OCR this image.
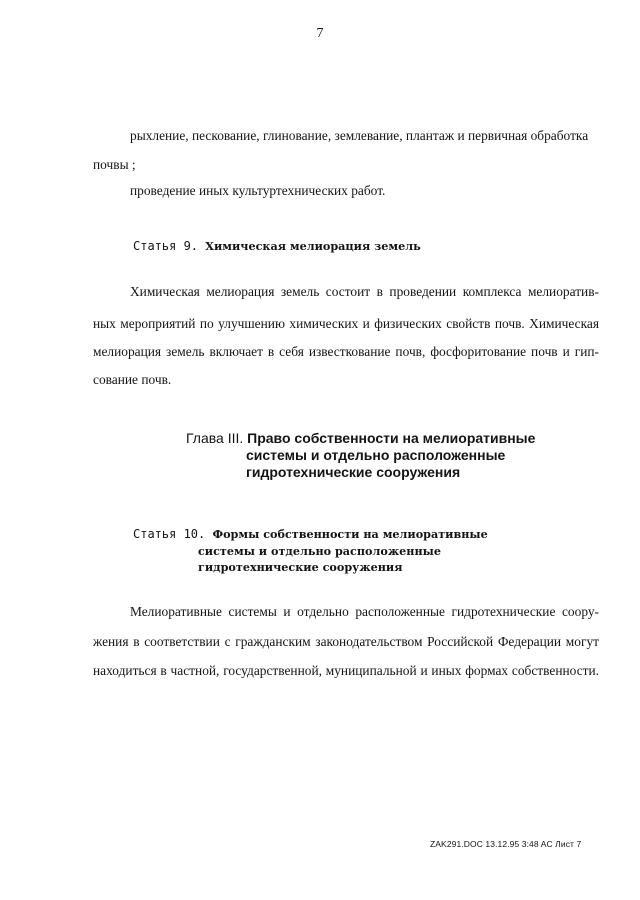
7
рыхление, пескование, глинование, землевание, плантаж и первичная обработка
почвы ;
проведение иных культуртехнических работ.
Статья 9. Химическая мелиорация земель
Химическая мелиорация земель состоит в проведении комплекса мелиоратив-
ных мероприятий по улучшению химических и физических свойств почв. Химическая
мелиорация земель включает в себя известкование почв, фосфоритование почв и гип-
сование почв.
Глава III. Право собственности на мелиоративные
системы и отдельно расположенные
гидротехнические сооружения
Статья 10. Формы собственности на мелиоративные
системы и отдельно расположенные
гидротехнические сооружения
Мелиоративные системы и отдельно расположенные гидротехнические соору-
жения в соответствии с гражданским законодательством Российской Федерации могут
находиться в частной, государственной, муниципальной и иных формах собственности.
ZAK291.DOC 13.12.95 3:48 AC Лист 7
